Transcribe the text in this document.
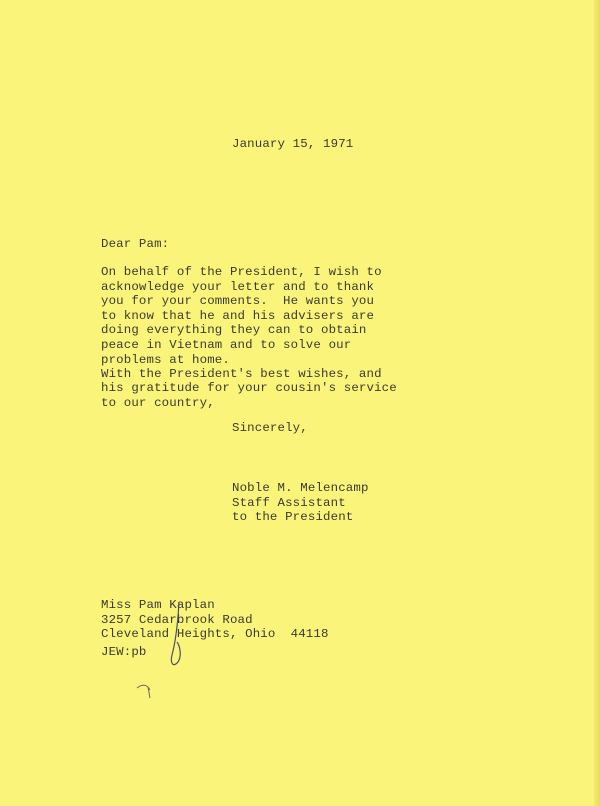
January 15, 1971
Dear Pam:
On behalf of the President, I wish to
acknowledge your letter and to thank
you for your comments.  He wants you
to know that he and his advisers are
doing everything they can to obtain
peace in Vietnam and to solve our
problems at home.
With the President's best wishes, and
his gratitude for your cousin's service
to our country,
Sincerely,
Noble M. Melencamp
Staff Assistant
to the President
Miss Pam Kaplan
3257 Cedarbrook Road
Cleveland Heights, Ohio  44118
JEW:pb
